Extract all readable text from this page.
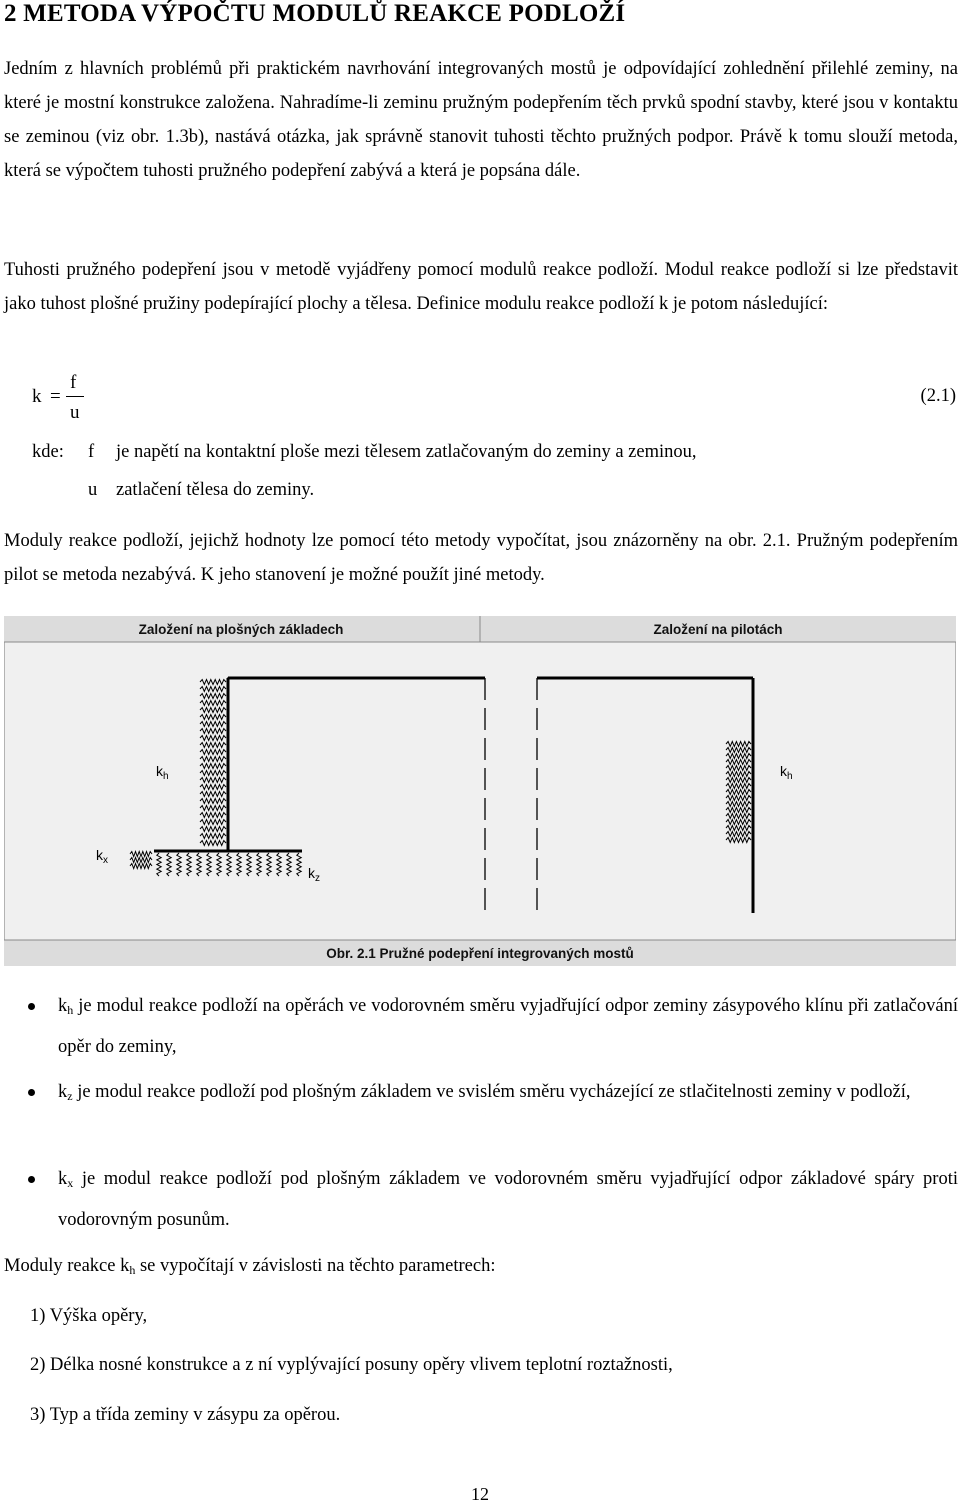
2 METODA VÝPOČTU MODULŮ REAKCE PODLOŽÍ

Jedním z hlavních problémů při praktickém navrhování integrovaných mostů je odpovídající zohlednění přilehlé zeminy, na které je mostní konstrukce založena. Nahradíme-li zeminu pružným podepřením těch prvků spodní stavby, které jsou v kontaktu se zeminou (viz obr. 1.3b), nastává otázka, jak správně stanovit tuhosti těchto pružných podpor. Právě k tomu slouží metoda, která se výpočtem tuhosti pružného podepření zabývá a která je popsána dále.

Tuhosti pružného podepření jsou v metodě vyjádřeny pomocí modulů reakce podloží. Modul reakce podloží si lze představit jako tuhost plošné pružiny podepírající plochy a tělesa. Definice modulu reakce podloží k je potom následující:

k =
f
u
(2.1)
kde: f je napětí na kontaktní ploše mezi tělesem zatlačovaným do zeminy a zeminou,
u zatlačení tělesa do zeminy.

Moduly reakce podloží, jejichž hodnoty lze pomocí této metody vypočítat, jsou znázorněny na obr. 2.1. Pružným podepřením pilot se metoda nezabývá. K jeho stanovení je možné použít jiné metody.

Založení na plošných základech	Založení na pilotách
$k_h$
$k_x$
$k_z$
$k_h$
Obr. 2.1 Pružné podepření integrovaných mostů
$k_h$ je modul reakce podloží na opěrách ve vodorovném směru vyjadřující odpor zeminy zásypového klínu při zatlačování opěr do zeminy,
$k_z$ je modul reakce podloží pod plošným základem ve svislém směru vycházející ze stlačitelnosti zeminy v podloží,
$k_x$ je modul reakce podloží pod plošným základem ve vodorovném směru vyjadřující odpor základové spáry proti vodorovným posunům.
Moduly reakce $k_h$ se vypočítají v závislosti na těchto parametrech:
1) Výška opěry,
2) Délka nosné konstrukce a z ní vyplývající posuny opěry vlivem teplotní roztažnosti,
3) Typ a třída zeminy v zásypu za opěrou.
12
